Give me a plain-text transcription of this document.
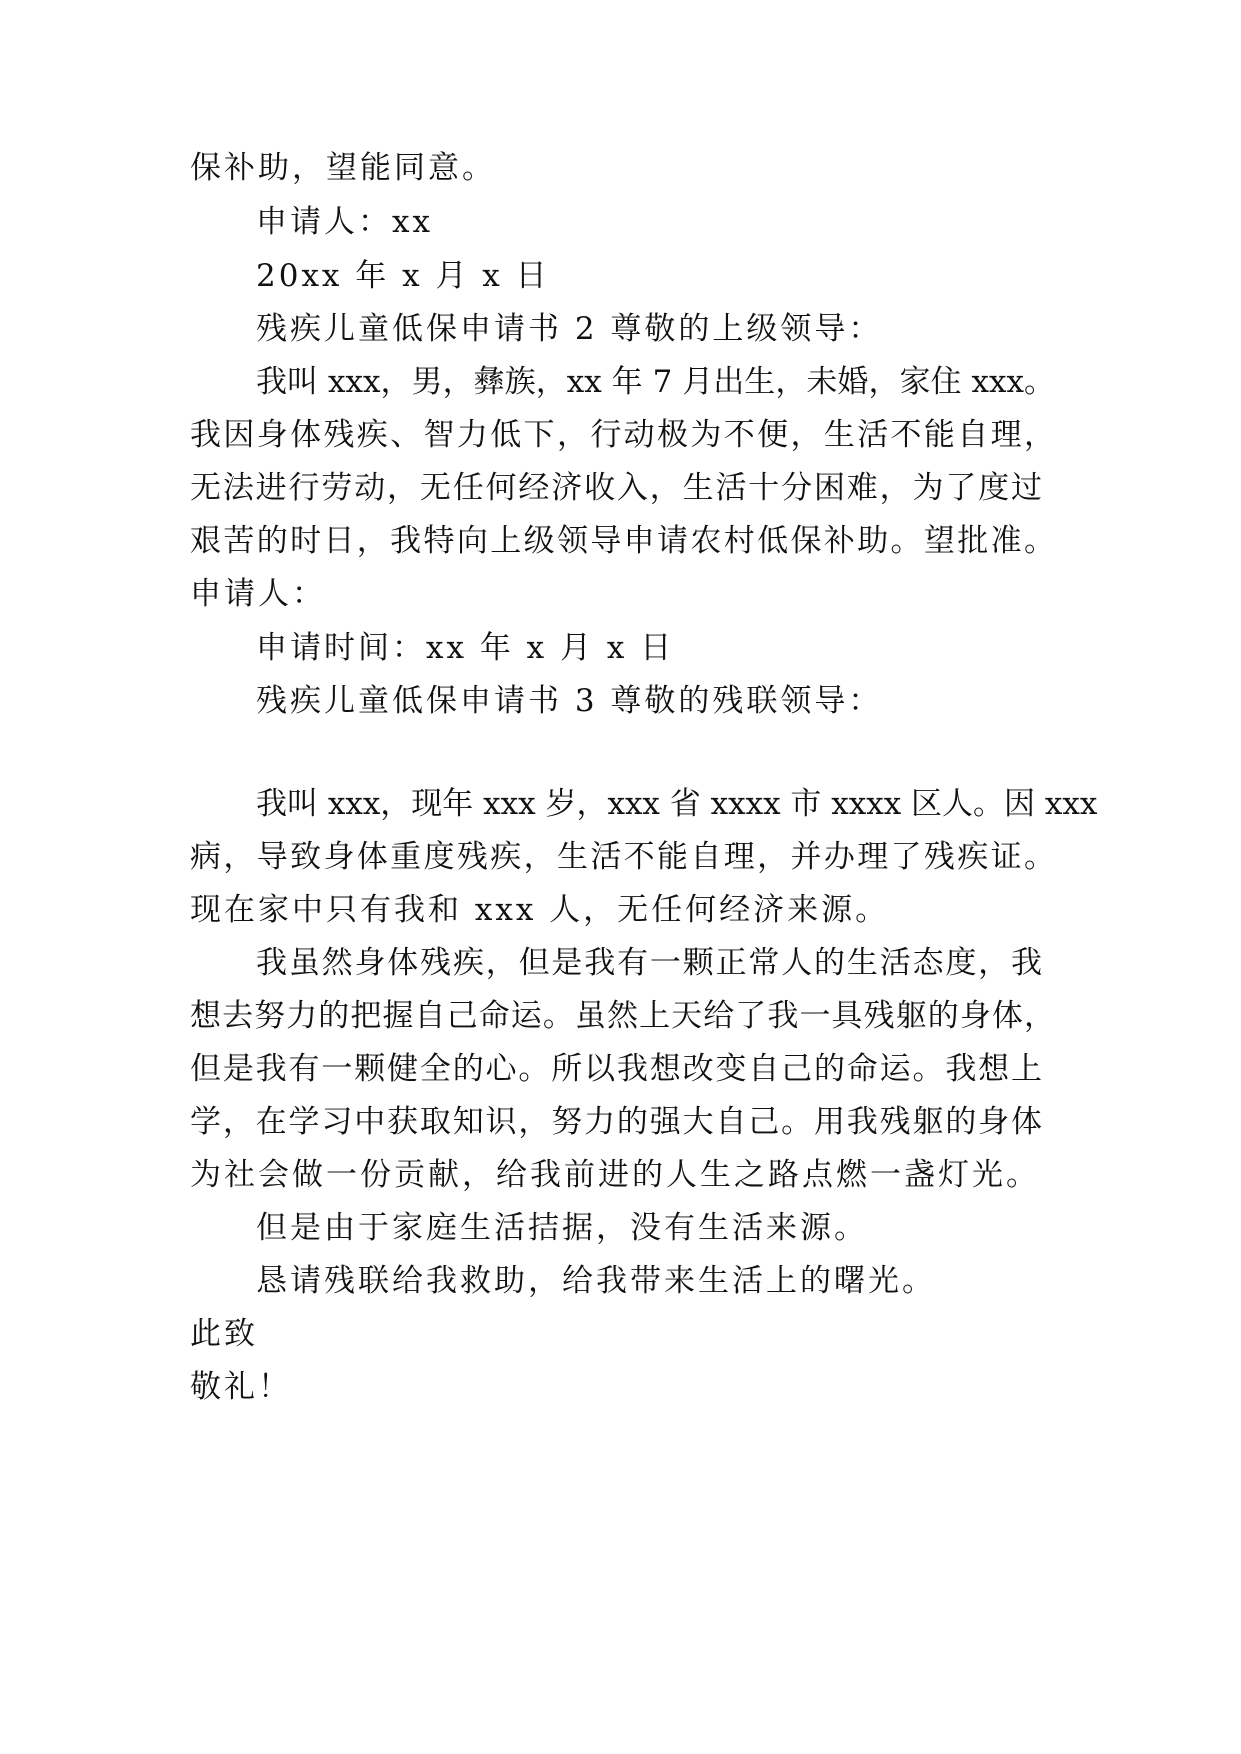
保补助，望能同意。
申请人：xx
20xx 年 x 月 x 日
残疾儿童低保申请书 2 尊敬的上级领导：
我叫 xxx，男，彝族，xx 年 7 月出生，未婚，家住 xxx。
我因身体残疾、智力低下，行动极为不便，生活不能自理，
无法进行劳动，无任何经济收入，生活十分困难，为了度过
艰苦的时日，我特向上级领导申请农村低保补助。望批准。
申请人：
申请时间：xx 年 x 月 x 日
残疾儿童低保申请书 3 尊敬的残联领导：
我叫 xxx，现年 xxx 岁，xxx 省 xxxx 市 xxxx 区人。因 xxx
病，导致身体重度残疾，生活不能自理，并办理了残疾证。
现在家中只有我和 xxx 人，无任何经济来源。
我虽然身体残疾，但是我有一颗正常人的生活态度，我
想去努力的把握自己命运。虽然上天给了我一具残躯的身体，
但是我有一颗健全的心。所以我想改变自己的命运。我想上
学，在学习中获取知识，努力的强大自己。用我残躯的身体
为社会做一份贡献，给我前进的人生之路点燃一盏灯光。
但是由于家庭生活拮据，没有生活来源。
恳请残联给我救助，给我带来生活上的曙光。
此致
敬礼！
